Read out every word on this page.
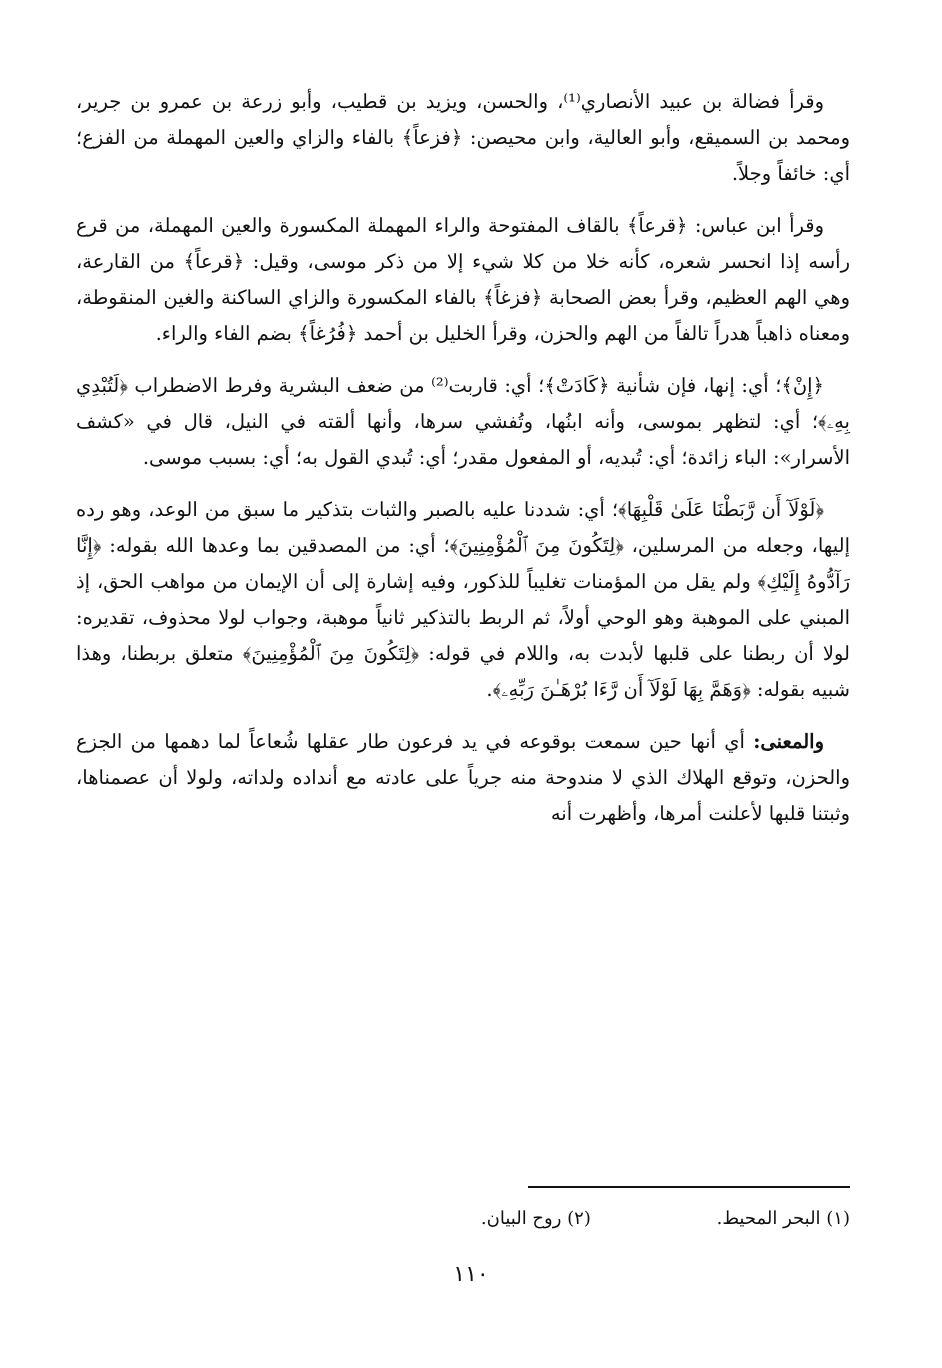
وقرأ فضالة بن عبيد الأنصاري⁽¹⁾، والحسن، ويزيد بن قطيب، وأبو زرعة بن عمرو بن جرير، ومحمد بن السميقع، وأبو العالية، وابن محيصن: ﴿فزعاً﴾ بالفاء والزاي والعين المهملة من الفزع؛ أي: خائفاً وجلاً.

وقرأ ابن عباس: ﴿قرعاً﴾ بالقاف المفتوحة والراء المهملة المكسورة والعين المهملة، من قرع رأسه إذا انحسر شعره، كأنه خلا من كلا شيء إلا من ذكر موسى، وقيل: ﴿قرعاً﴾ من القارعة، وهي الهم العظيم، وقرأ بعض الصحابة ﴿فزغاً﴾ بالفاء المكسورة والزاي الساكنة والغين المنقوطة، ومعناه ذاهباً هدراً تالفاً من الهم والحزن، وقرأ الخليل بن أحمد ﴿فُرُغاً﴾ بضم الفاء والراء.

﴿إِنْ﴾؛ أي: إنها، فإن شأنية ﴿كَادَتْ﴾؛ أي: قاربت⁽²⁾ من ضعف البشرية وفرط الاضطراب ﴿لَتُبْدِي بِهِۦ﴾؛ أي: لتظهر بموسى، وأنه ابنُها، وتُفشي سرها، وأنها ألقته في النيل، قال في «كشف الأسرار»: الباء زائدة؛ أي: تُبديه، أو المفعول مقدر؛ أي: تُبدي القول به؛ أي: بسبب موسى.

﴿لَوْلَآ أَن رَّبَطْنَا عَلَىٰ قَلْبِهَا﴾؛ أي: شددنا عليه بالصبر والثبات بتذكير ما سبق من الوعد، وهو رده إليها، وجعله من المرسلين، ﴿لِتَكُونَ مِنَ ٱلْمُؤْمِنِينَ﴾؛ أي: من المصدقين بما وعدها الله بقوله: ﴿إِنَّا رَآدُّوهُ إِلَيْكِ﴾ ولم يقل من المؤمنات تغليباً للذكور، وفيه إشارة إلى أن الإيمان من مواهب الحق، إذ المبني على الموهبة وهو الوحي أولاً، ثم الربط بالتذكير ثانياً موهبة، وجواب لولا محذوف، تقديره: لولا أن ربطنا على قلبها لأبدت به، واللام في قوله: ﴿لِتَكُونَ مِنَ ٱلْمُؤْمِنِينَ﴾ متعلق بربطنا، وهذا شبيه بقوله: ﴿وَهَمَّ بِهَا لَوْلَآ أَن رَّءَا بُرْهَـٰنَ رَبِّهِۦ﴾.

والمعنى: أي أنها حين سمعت بوقوعه في يد فرعون طار عقلها شُعاعاً لما دهمها من الجزع والحزن، وتوقع الهلاك الذي لا مندوحة منه جرياً على عادته مع أنداده ولداته، ولولا أن عصمناها، وثبتنا قلبها لأعلنت أمرها، وأظهرت أنه

(١) البحر المحيط. (٢) روح البيان.
١١٠
